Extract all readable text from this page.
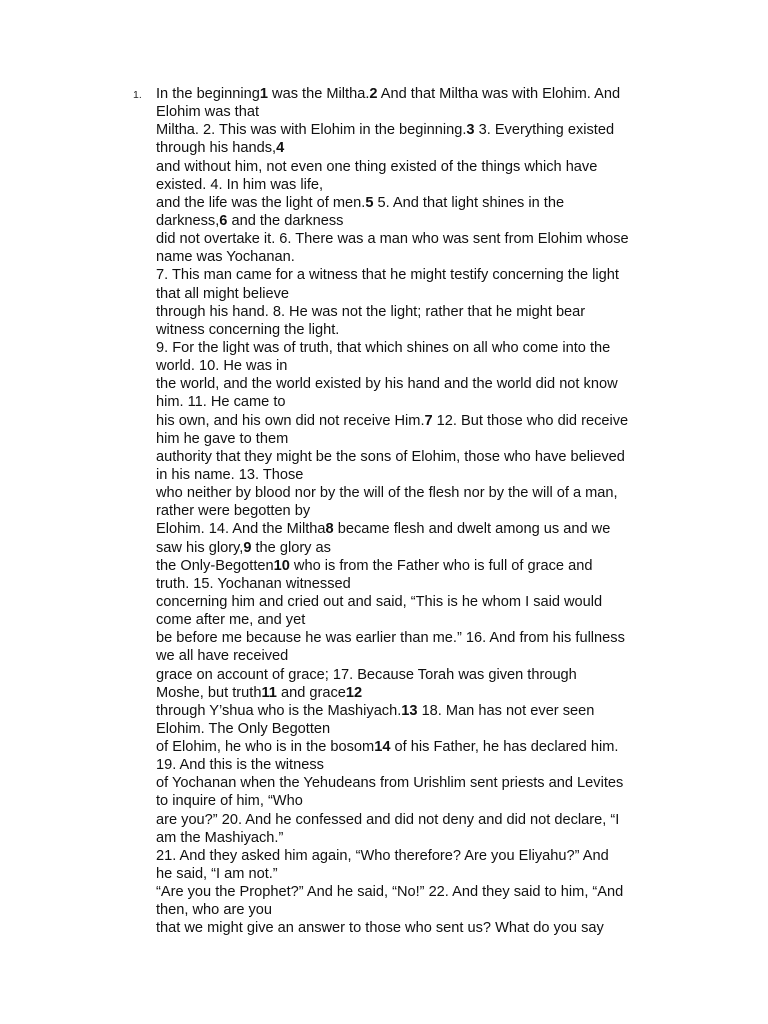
1. In the beginning1 was the Miltha.2 And that Miltha was with Elohim. And
Elohim was that
Miltha. 2. This was with Elohim in the beginning.3 3. Everything existed
through his hands,4
and without him, not even one thing existed of the things which have
existed. 4. In him was life,
and the life was the light of men.5 5. And that light shines in the
darkness,6 and the darkness
did not overtake it. 6. There was a man who was sent from Elohim whose
name was Yochanan.
7. This man came for a witness that he might testify concerning the light
that all might believe
through his hand. 8. He was not the light; rather that he might bear
witness concerning the light.
9. For the light was of truth, that which shines on all who come into the
world. 10. He was in
the world, and the world existed by his hand and the world did not know
him. 11. He came to
his own, and his own did not receive Him.7 12. But those who did receive
him he gave to them
authority that they might be the sons of Elohim, those who have believed
in his name. 13. Those
who neither by blood nor by the will of the flesh nor by the will of a man,
rather were begotten by
Elohim. 14. And the Miltha8 became flesh and dwelt among us and we
saw his glory,9 the glory as
the Only-Begotten10 who is from the Father who is full of grace and
truth. 15. Yochanan witnessed
concerning him and cried out and said, “This is he whom I said would
come after me, and yet
be before me because he was earlier than me.” 16. And from his fullness
we all have received
grace on account of grace; 17. Because Torah was given through
Moshe, but truth11 and grace12
through Y’shua who is the Mashiyach.13 18. Man has not ever seen
Elohim. The Only Begotten
of Elohim, he who is in the bosom14 of his Father, he has declared him.
19. And this is the witness
of Yochanan when the Yehudeans from Urishlim sent priests and Levites
to inquire of him, “Who
are you?” 20. And he confessed and did not deny and did not declare, “I
am the Mashiyach.”
21. And they asked him again, “Who therefore? Are you Eliyahu?” And
he said, “I am not.”
“Are you the Prophet?” And he said, “No!” 22. And they said to him, “And
then, who are you
that we might give an answer to those who sent us? What do you say
